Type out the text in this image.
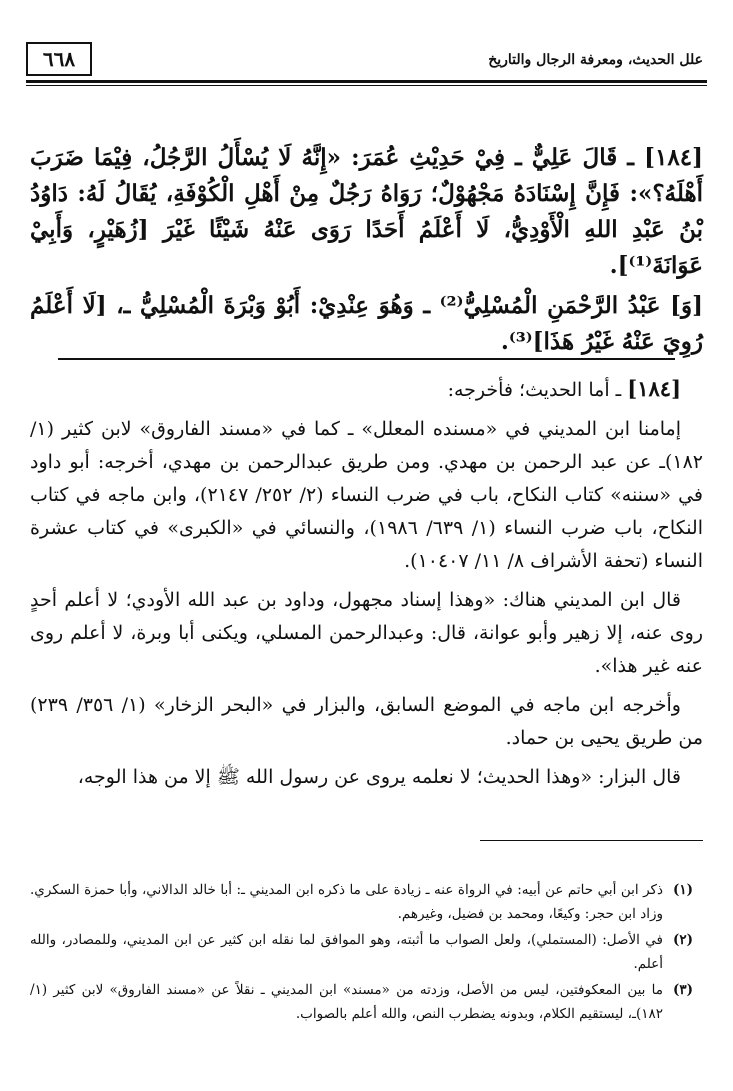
٦٦٨	علل الحديث، ومعرفة الرجال والتاريخ

[١٨٤] ـ قَالَ عَلِيٌّ ـ فِيْ حَدِيْثِ عُمَرَ: «إِنَّهُ لَا يُسْأَلُ الرَّجُلُ، فِيْمَا ضَرَبَ أَهْلَهُ؟»: فَإِنَّ إِسْنَادَهُ مَجْهُوْلٌ؛ رَوَاهُ رَجُلٌ مِنْ أَهْلِ الْكُوْفَةِ، يُقَالُ لَهُ: دَاوُدُ بْنُ عَبْدِ اللهِ الْأَوْدِيُّ، لَا أَعْلَمُ أَحَدًا رَوَى عَنْهُ شَيْئًا غَيْرَ [زُهَيْرٍ، وَأَبِيْ عَوَانَةَ⁽¹⁾].

[وَ] عَبْدُ الرَّحْمَنِ الْمُسْلِيُّ⁽²⁾ ـ وَهُوَ عِنْدِيْ: أَبُوْ وَبْرَةَ الْمُسْلِيُّ ـ، [لَا أَعْلَمُ رُوِيَ عَنْهُ غَيْرُ هَذَا]⁽³⁾.

[١٨٤] ـ أما الحديث؛ فأخرجه:

إمامنا ابن المديني في «مسنده المعلل» ـ كما في «مسند الفاروق» لابن كثير (١/ ١٨٢)ـ عن عبد الرحمن بن مهدي. ومن طريق عبدالرحمن بن مهدي، أخرجه: أبو داود في «سننه» كتاب النكاح، باب في ضرب النساء (٢/ ٢٥٢/ ٢١٤٧)، وابن ماجه في كتاب النكاح، باب ضرب النساء (١/ ٦٣٩/ ١٩٨٦)، والنسائي في «الكبرى» في كتاب عشرة النساء (تحفة الأشراف ٨/ ١١/ ١٠٤٠٧).

قال ابن المديني هناك: «وهذا إسناد مجهول، وداود بن عبد الله الأودي؛ لا أعلم أحدٍ روى عنه، إلا زهير وأبو عوانة، قال: وعبدالرحمن المسلي، ويكنى أبا وبرة، لا أعلم روى عنه غير هذا».

وأخرجه ابن ماجه في الموضع السابق، والبزار في «البحر الزخار» (١/ ٣٥٦/ ٢٣٩) من طريق يحيى بن حماد.

قال البزار: «وهذا الحديث؛ لا نعلمه يروى عن رسول الله ﷺ إلا من هذا الوجه،

(١)
ذكر ابن أبي حاتم عن أبيه: في الرواة عنه ـ زيادة على ما ذكره ابن المديني ـ: أبا خالد الدالاني، وأبا حمزة السكري. وزاد ابن حجر: وكيعًا، ومحمد بن فضيل، وغيرهم.
(٢)
في الأصل: (المستملي)، ولعل الصواب ما أثبته، وهو الموافق لما نقله ابن كثير عن ابن المديني، وللمصادر، والله أعلم.
(٣)
ما بين المعكوفتين، ليس من الأصل، وزدته من «مسند» ابن المديني ـ نقلاً عن «مسند الفاروق» لابن كثير (١/ ١٨٢)ـ، ليستقيم الكلام، وبدونه يضطرب النص، والله أعلم بالصواب.
